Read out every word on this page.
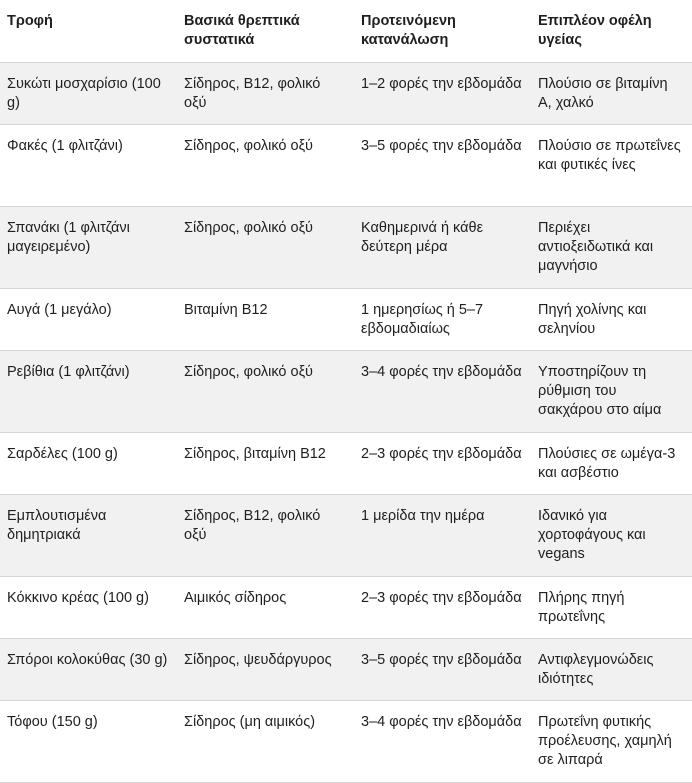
Τροφή	Βασικά θρεπτικά συστατικά	Προτεινόμενη κατανάλωση	Επιπλέον οφέλη υγείας
Συκώτι μοσχαρίσιο (100 g)	Σίδηρος, B12, φολικό οξύ	1–2 φορές την εβδομάδα	Πλούσιο σε βιταμίνη A, χαλκό
Φακές (1 φλιτζάνι)	Σίδηρος, φολικό οξύ	3–5 φορές την εβδομάδα	Πλούσιο σε πρωτεΐνες και φυτικές ίνες
Σπανάκι (1 φλιτζάνι μαγειρεμένο)	Σίδηρος, φολικό οξύ	Καθημερινά ή κάθε δεύτερη μέρα	Περιέχει αντιοξειδωτικά και μαγνήσιο
Αυγά (1 μεγάλο)	Βιταμίνη B12	1 ημερησίως ή 5–7 εβδομαδιαίως	Πηγή χολίνης και σεληνίου
Ρεβίθια (1 φλιτζάνι)	Σίδηρος, φολικό οξύ	3–4 φορές την εβδομάδα	Υποστηρίζουν τη ρύθμιση του σακχάρου στο αίμα
Σαρδέλες (100 g)	Σίδηρος, βιταμίνη B12	2–3 φορές την εβδομάδα	Πλούσιες σε ωμέγα-3 και ασβέστιο
Εμπλουτισμένα δημητριακά	Σίδηρος, B12, φολικό οξύ	1 μερίδα την ημέρα	Ιδανικό για χορτοφάγους και vegans
Κόκκινο κρέας (100 g)	Αιμικός σίδηρος	2–3 φορές την εβδομάδα	Πλήρης πηγή πρωτεΐνης
Σπόροι κολοκύθας (30 g)	Σίδηρος, ψευδάργυρος	3–5 φορές την εβδομάδα	Αντιφλεγμονώδεις ιδιότητες
Τόφου (150 g)	Σίδηρος (μη αιμικός)	3–4 φορές την εβδομάδα	Πρωτεΐνη φυτικής προέλευσης, χαμηλή σε λιπαρά
